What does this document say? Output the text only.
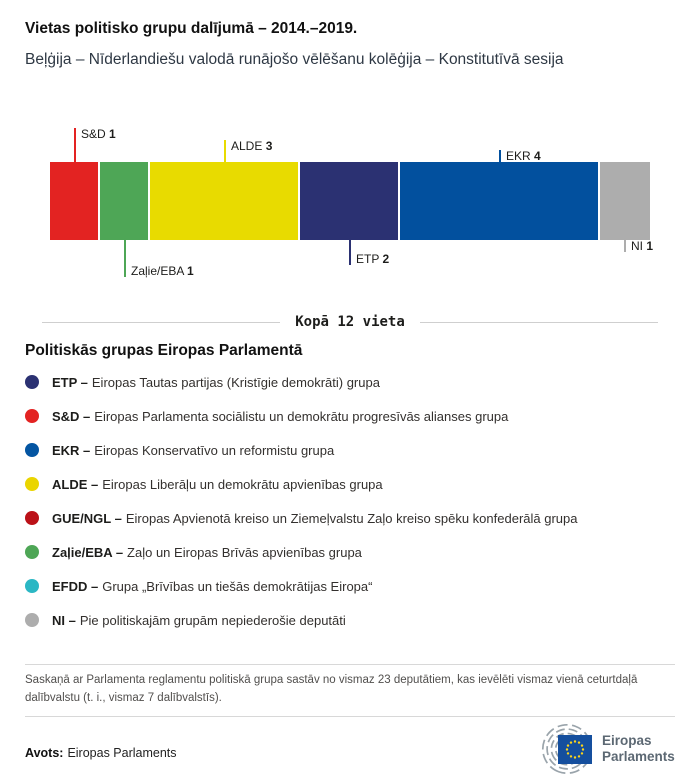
Vietas politisko grupu dalījumā – 2014.–2019.
Beļģija – Nīderlandiešu valodā runājošo vēlēšanu kolēģija – Konstitutīvā sesija
S&D 1
Zaļie/EBA 1
ALDE 3
ETP 2
EKR 4
NI 1
Kopā 12 vieta
Politiskās grupas Eiropas Parlamentā
ETP – Eiropas Tautas partijas (Kristīgie demokrāti) grupa
S&D – Eiropas Parlamenta sociālistu un demokrātu progresīvās alianses grupa
EKR – Eiropas Konservatīvo un reformistu grupa
ALDE – Eiropas Liberāļu un demokrātu apvienības grupa
GUE/NGL – Eiropas Apvienotā kreiso un Ziemeļvalstu Zaļo kreiso spēku konfederālā grupa
Zaļie/EBA – Zaļo un Eiropas Brīvās apvienības grupa
EFDD – Grupa „Brīvības un tiešās demokrātijas Eiropa“
NI – Pie politiskajām grupām nepiederošie deputāti
Saskaņā ar Parlamenta reglamentu politiskā grupa sastāv no vismaz 23 deputātiem, kas ievēlēti vismaz vienā ceturtdaļā dalībvalstu (t. i., vismaz 7 dalībvalstīs).
Avots: Eiropas Parlaments
Eiropas
Parlaments
